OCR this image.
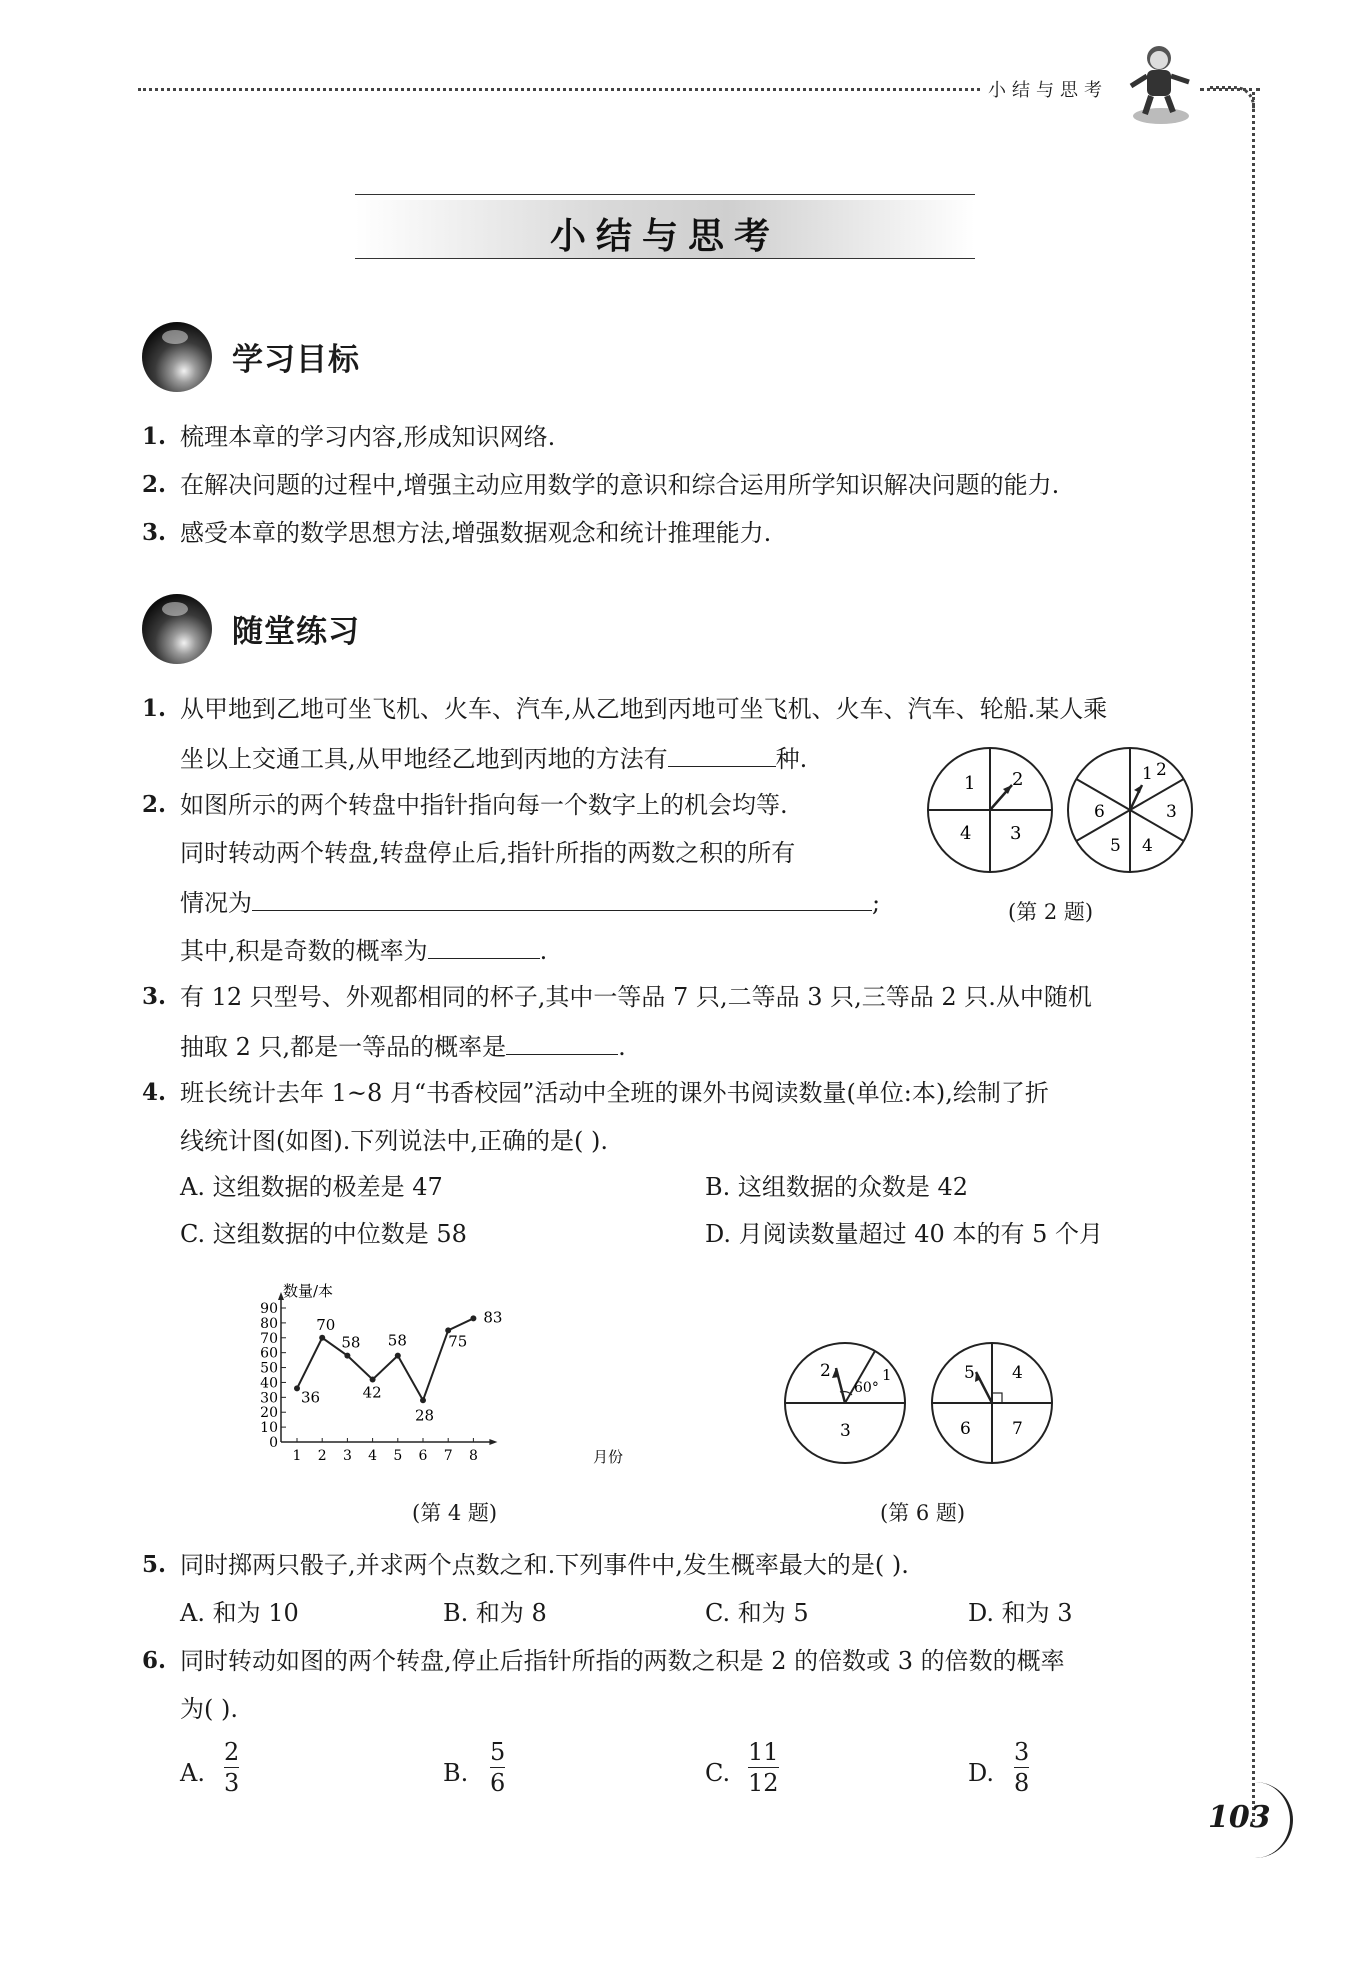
小结与思考
小结与思考
学习目标
1. 梳理本章的学习内容,形成知识网络.
2. 在解决问题的过程中,增强主动应用数学的意识和综合运用所学知识解决问题的能力.
3. 感受本章的数学思想方法,增强数据观念和统计推理能力.
随堂练习
1. 从甲地到乙地可坐飞机、火车、汽车,从乙地到丙地可坐飞机、火车、汽车、轮船.某人乘
坐以上交通工具,从甲地经乙地到丙地的方法有	种.
2. 如图所示的两个转盘中指针指向每一个数字上的机会均等.
同时转动两个转盘,转盘停止后,指针所指的两数之积的所有
情况为	;
其中,积是奇数的概率为	.
1 2
3
4
1 2
3
4
5
6
(第 2 题)
3. 有 12 只型号、外观都相同的杯子,其中一等品 7 只,二等品 3 只,三等品 2 只.从中随机
抽取 2 只,都是一等品的概率是	.
4. 班长统计去年 1~8 月“书香校园”活动中全班的课外书阅读数量(单位:本),绘制了折
线统计图(如图).下列说法中,正确的是( ).
A. 这组数据的极差是 47	B. 这组数据的众数是 42
C. 这组数据的中位数是 58	D. 月阅读数量超过 40 本的有 5 个月
0
10
20
30
40
50
60
70
80
90
1 2 3 4 5 6 7 8
36
70
58
42
58
28
75
83
数量/本
月份
(第 4 题)
2	1
3
60°
5 4
6 7
(第 6 题)
5. 同时掷两只骰子,并求两个点数之和.下列事件中,发生概率最大的是( ).
A. 和为 10	B. 和为 8	C. 和为 5	D. 和为 3
6. 同时转动如图的两个转盘,停止后指针所指的两数之积是 2 的倍数或 3 的倍数的概率
为( ).
A.
2
3	B.
5
6	C.
11
12	D.
3
8
103
